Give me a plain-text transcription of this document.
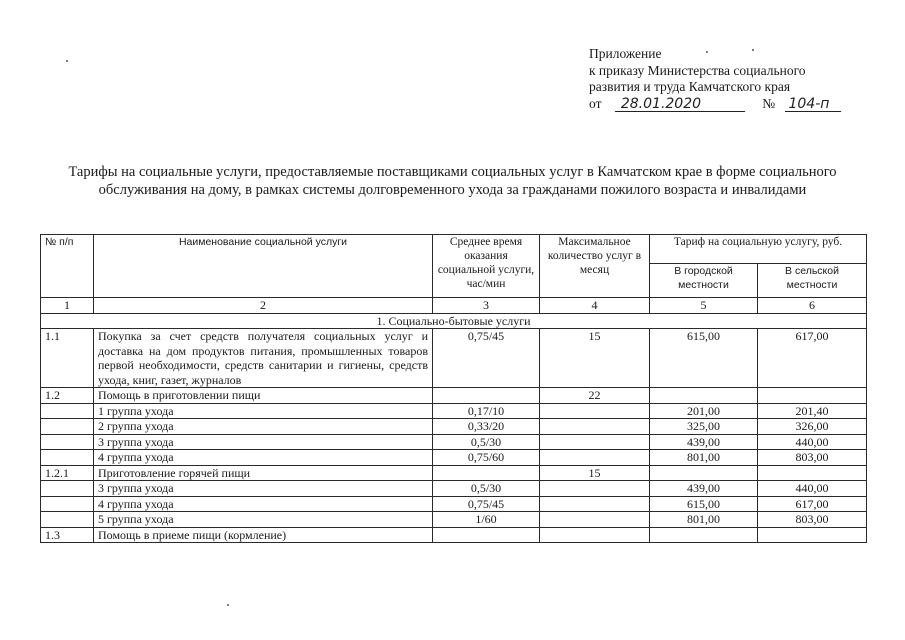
Приложение
к приказу Министерства социального
развития и труда Камчатского края
от 28.01.2020	№ 104-п
Тарифы на социальные услуги, предоставляемые поставщиками социальных услуг в Камчатском крае в форме социального обслуживания на дому, в рамках системы долговременного ухода за гражданами пожилого возраста и инвалидами
№ п/п	Наименование социальной услуги	Среднее время оказания социальной услуги, час/мин	Максимальное количество услуг в месяц	Тариф на социальную услугу, руб.	
				В городской местности	В сельской местности
1	2	3	4	5	6
1. Социально-бытовые услуги					
1.1	Покупка за счет средств получателя социальных услуг и доставка на дом продуктов питания, промышленных товаров первой необходимости, средств санитарии и гигиены, средств ухода, книг, газет, журналов	0,75/45	15	615,00	617,00
1.2	Помощь в приготовлении пищи		22		
	1 группа ухода	0,17/10		201,00	201,40
	2 группа ухода	0,33/20		325,00	326,00
	3 группа ухода	0,5/30		439,00	440,00
	4 группа ухода	0,75/60		801,00	803,00
1.2.1	Приготовление горячей пищи		15		
	3 группа ухода	0,5/30		439,00	440,00
	4 группа ухода	0,75/45		615,00	617,00
	5 группа ухода	1/60		801,00	803,00
1.3	Помощь в приеме пищи (кормление)				
